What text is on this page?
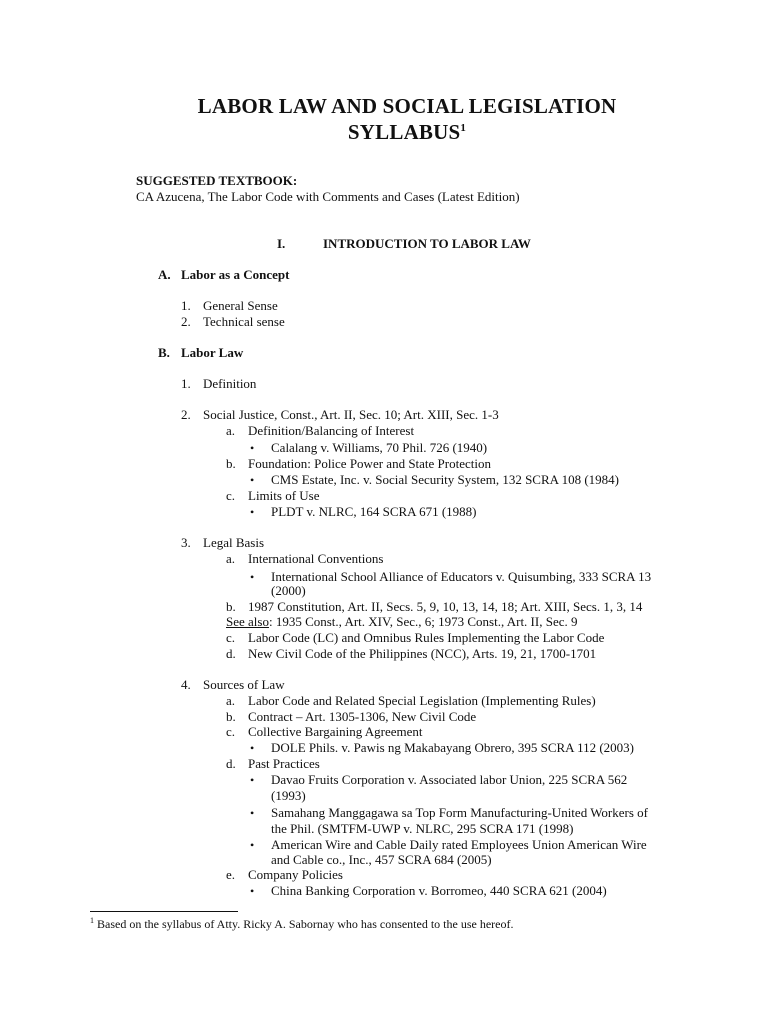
LABOR LAW AND SOCIAL LEGISLATION
SYLLABUS$^1$
SUGGESTED TEXTBOOK:
CA Azucena, The Labor Code with Comments and Cases (Latest Edition)
I.	INTRODUCTION TO LABOR LAW
A. Labor as a Concept
1. General Sense
2. Technical sense
B. Labor Law
1. Definition
2. Social Justice, Const., Art. II, Sec. 10; Art. XIII, Sec. 1-3
a. Definition/Balancing of Interest
• Calalang v. Williams, 70 Phil. 726 (1940)
b. Foundation: Police Power and State Protection
• CMS Estate, Inc. v. Social Security System, 132 SCRA 108 (1984)
c. Limits of Use
• PLDT v. NLRC, 164 SCRA 671 (1988)
3. Legal Basis
a. International Conventions
• International School Alliance of Educators v. Quisumbing, 333 SCRA 13
(2000)
b. 1987 Constitution, Art. II, Secs. 5, 9, 10, 13, 14, 18; Art. XIII, Secs. 1, 3, 14
See also: 1935 Const., Art. XIV, Sec., 6; 1973 Const., Art. II, Sec. 9
c. Labor Code (LC) and Omnibus Rules Implementing the Labor Code
d. New Civil Code of the Philippines (NCC), Arts. 19, 21, 1700-1701
4. Sources of Law
a. Labor Code and Related Special Legislation (Implementing Rules)
b. Contract – Art. 1305-1306, New Civil Code
c. Collective Bargaining Agreement
• DOLE Phils. v. Pawis ng Makabayang Obrero, 395 SCRA 112 (2003)
d. Past Practices
• Davao Fruits Corporation v. Associated labor Union, 225 SCRA 562
(1993)
• Samahang Manggagawa sa Top Form Manufacturing-United Workers of
the Phil. (SMTFM-UWP v. NLRC, 295 SCRA 171 (1998)
• American Wire and Cable Daily rated Employees Union American Wire
and Cable co., Inc., 457 SCRA 684 (2005)
e. Company Policies
• China Banking Corporation v. Borromeo, 440 SCRA 621 (2004)
$^1$ Based on the syllabus of Atty. Ricky A. Sabornay who has consented to the use hereof.
